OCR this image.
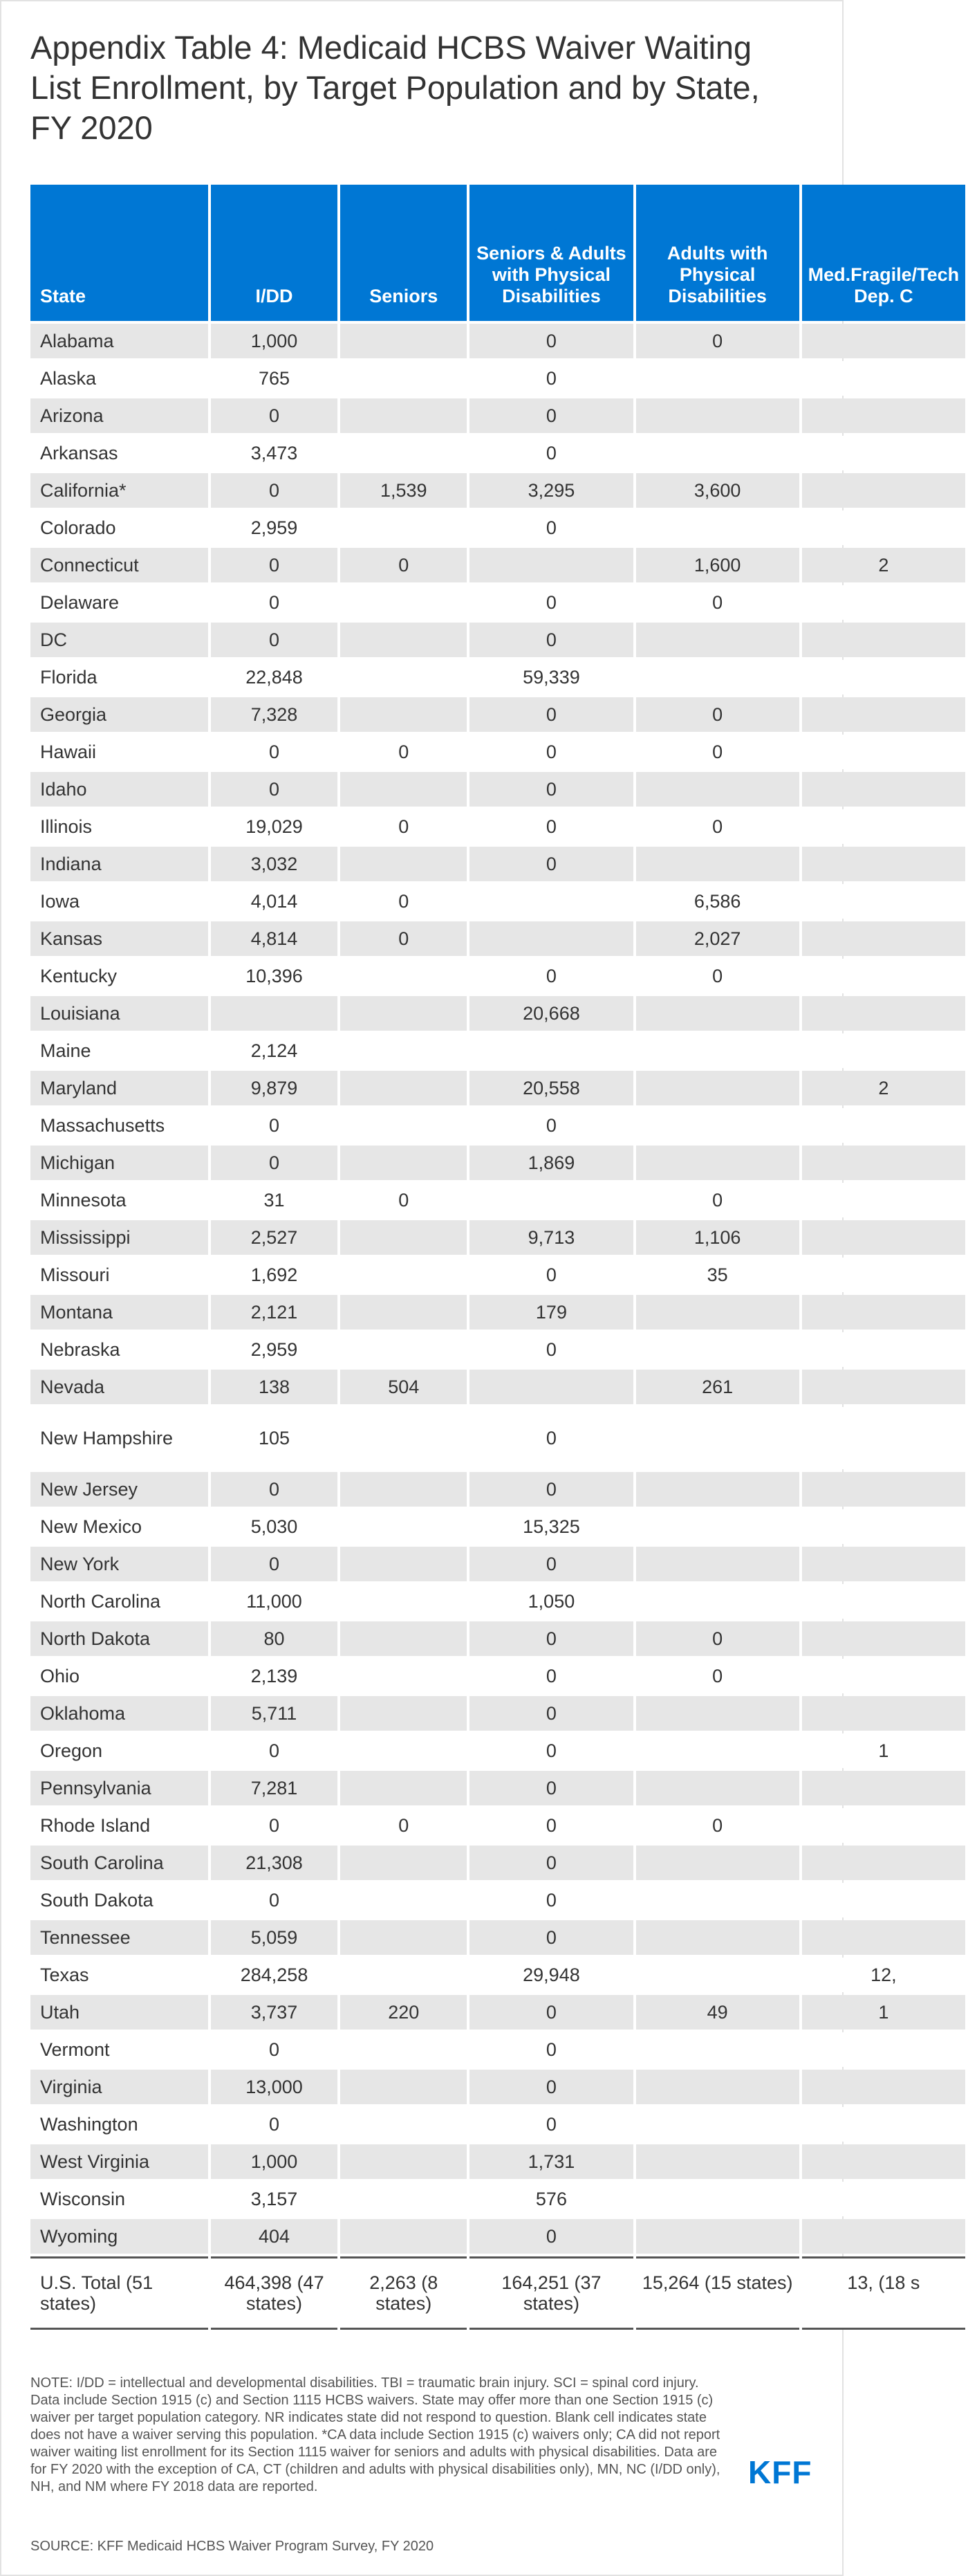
Appendix Table 4: Medicaid HCBS Waiver Waiting List Enrollment, by Target Population and by State, FY 2020
State	I/DD	Seniors	Seniors & Adults with Physical Disabilities	Adults with Physical Disabilities	Med.Fragile/Tech Dep. C
Alabama	1,000		0	0	
Alaska	765		0		
Arizona	0		0		
Arkansas	3,473		0		
California*	0	1,539	3,295	3,600	
Colorado	2,959		0		
Connecticut	0	0		1,600	2
Delaware	0		0	0	
DC	0		0		
Florida	22,848		59,339		
Georgia	7,328		0	0	
Hawaii	0	0	0	0	
Idaho	0		0		
Illinois	19,029	0	0	0	
Indiana	3,032		0		
Iowa	4,014	0		6,586	
Kansas	4,814	0		2,027	
Kentucky	10,396		0	0	
Louisiana			20,668		
Maine	2,124				
Maryland	9,879		20,558		2
Massachusetts	0		0		
Michigan	0		1,869		
Minnesota	31	0		0	
Mississippi	2,527		9,713	1,106	
Missouri	1,692		0	35	
Montana	2,121		179		
Nebraska	2,959		0		
Nevada	138	504		261	
New Hampshire	105		0		
New Jersey	0		0		
New Mexico	5,030		15,325		
New York	0		0		
North Carolina	11,000		1,050		
North Dakota	80		0	0	
Ohio	2,139		0	0	
Oklahoma	5,711		0		
Oregon	0		0		1
Pennsylvania	7,281		0		
Rhode Island	0	0	0	0	
South Carolina	21,308		0		
South Dakota	0		0		
Tennessee	5,059		0		
Texas	284,258		29,948		12,
Utah	3,737	220	0	49	1
Vermont	0		0		
Virginia	13,000		0		
Washington	0		0		
West Virginia	1,000		1,731		
Wisconsin	3,157		576		
Wyoming	404		0		
U.S. Total (51 states)	464,398 (47 states)	2,263 (8 states)	164,251 (37 states)	15,264 (15 states)	13, (18 s

NOTE: I/DD = intellectual and developmental disabilities. TBI = traumatic brain injury. SCI = spinal cord injury. Data include Section 1915 (c) and Section 1115 HCBS waivers. State may offer more than one Section 1915 (c) waiver per target population category. NR indicates state did not respond to question. Blank cell indicates state does not have a waiver serving this population. *CA data include Section 1915 (c) waivers only; CA did not report waiver waiting list enrollment for its Section 1115 waiver for seniors and adults with physical disabilities. Data are for FY 2020 with the exception of CA, CT (children and adults with physical disabilities only), MN, NC (I/DD only), NH, and NM where FY 2018 data are reported.

SOURCE: KFF Medicaid HCBS Waiver Program Survey, FY 2020

KFF
